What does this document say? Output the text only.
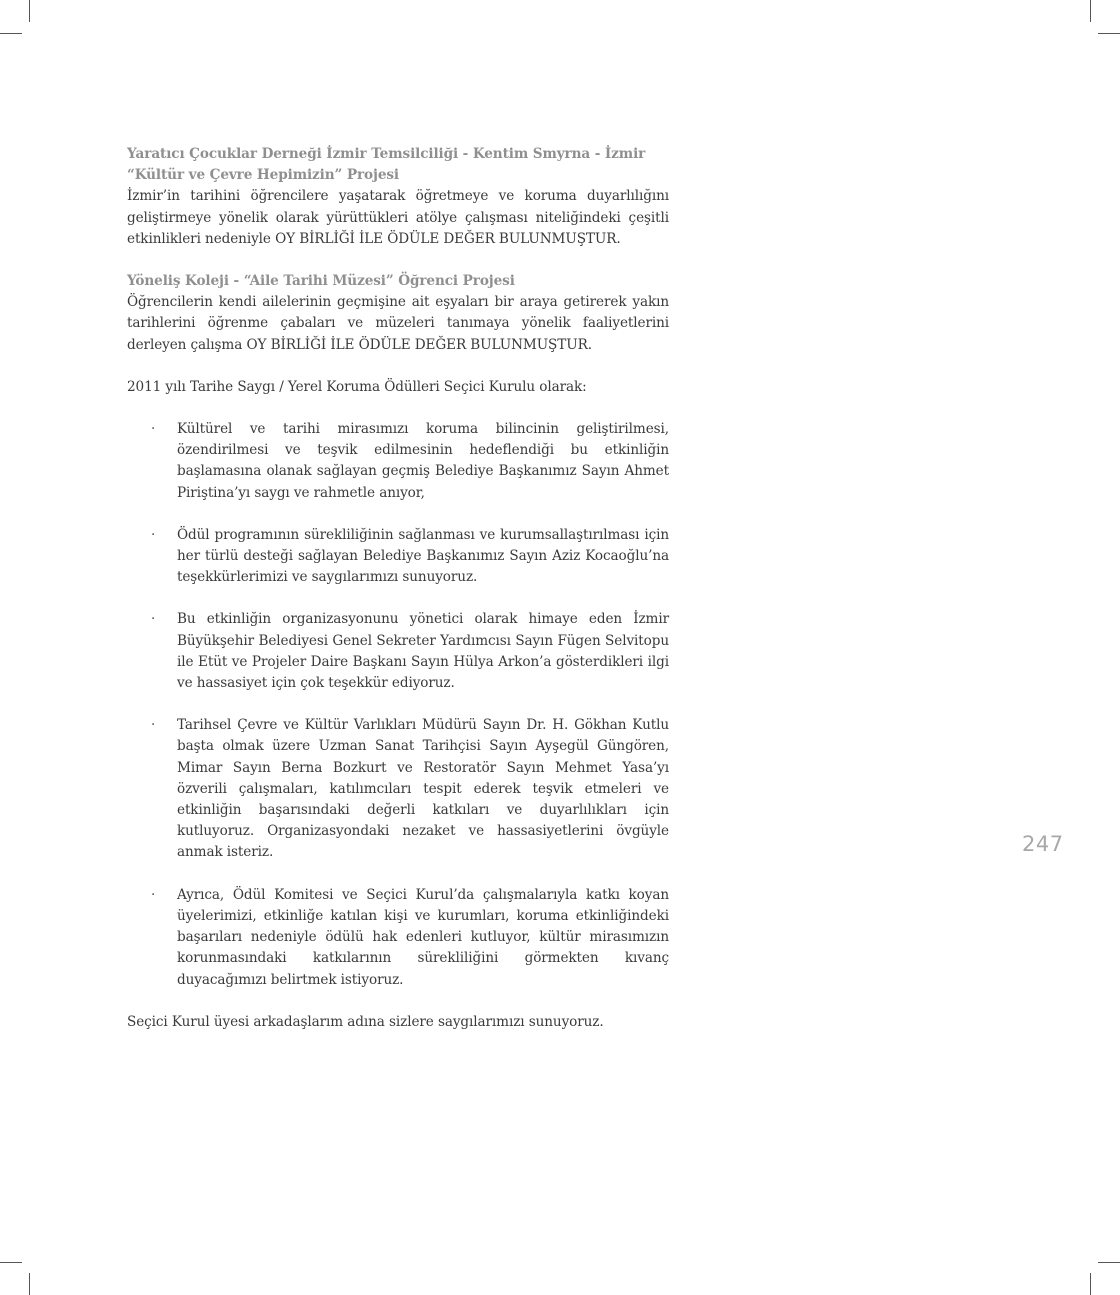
Yaratıcı Çocuklar Derneği İzmir Temsilciliği - Kentim Smyrna - İzmir “Kültür ve Çevre Hepimizin” Projesi

İzmir’in tarihini öğrencilere yaşatarak öğretmeye ve koruma duyarlılığını geliştirmeye yönelik olarak yürüttükleri atölye çalışması niteliğindeki çeşitli etkinlikleri nedeniyle OY BİRLİĞİ İLE ÖDÜLE DEĞER BULUNMUŞTUR.

Yöneliş Koleji - “Aile Tarihi Müzesi” Öğrenci Projesi

Öğrencilerin kendi ailelerinin geçmişine ait eşyaları bir araya getirerek yakın tarihlerini öğrenme çabaları ve müzeleri tanımaya yönelik faaliyetlerini derleyen çalışma OY BİRLİĞİ İLE ÖDÜLE DEĞER BULUNMUŞTUR.

2011 yılı Tarihe Saygı / Yerel Koruma Ödülleri Seçici Kurulu olarak:

· Kültürel ve tarihi mirasımızı koruma bilincinin geliştirilmesi, özendirilmesi ve teşvik edilmesinin hedeflendiği bu etkinliğin başlamasına olanak sağlayan geçmiş Belediye Başkanımız Sayın Ahmet Piriştina’yı saygı ve rahmetle anıyor,
· Ödül programının sürekliliğinin sağlanması ve kurumsallaştırılması için her türlü desteği sağlayan Belediye Başkanımız Sayın Aziz Kocaoğlu’na teşekkürlerimizi ve saygılarımızı sunuyoruz.
· Bu etkinliğin organizasyonunu yönetici olarak himaye eden İzmir Büyükşehir Belediyesi Genel Sekreter Yardımcısı Sayın Fügen Selvitopu ile Etüt ve Projeler Daire Başkanı Sayın Hülya Arkon’a gösterdikleri ilgi ve hassasiyet için çok teşekkür ediyoruz.
· Tarihsel Çevre ve Kültür Varlıkları Müdürü Sayın Dr. H. Gökhan Kutlu başta olmak üzere Uzman Sanat Tarihçisi Sayın Ayşegül Güngören, Mimar Sayın Berna Bozkurt ve Restoratör Sayın Mehmet Yasa’yı özverili çalışmaları, katılımcıları tespit ederek teşvik etmeleri ve etkinliğin başarısındaki değerli katkıları ve duyarlılıkları için kutluyoruz. Organizasyondaki nezaket ve hassasiyetlerini övgüyle anmak isteriz.
· Ayrıca, Ödül Komitesi ve Seçici Kurul’da çalışmalarıyla katkı koyan üyelerimizi, etkinliğe katılan kişi ve kurumları, koruma etkinliğindeki başarıları nedeniyle ödülü hak edenleri kutluyor, kültür mirasımızın korunmasındaki katkılarının sürekliliğini görmekten kıvanç duyacağımızı belirtmek istiyoruz.

Seçici Kurul üyesi arkadaşlarım adına sizlere saygılarımızı sunuyoruz.

247
